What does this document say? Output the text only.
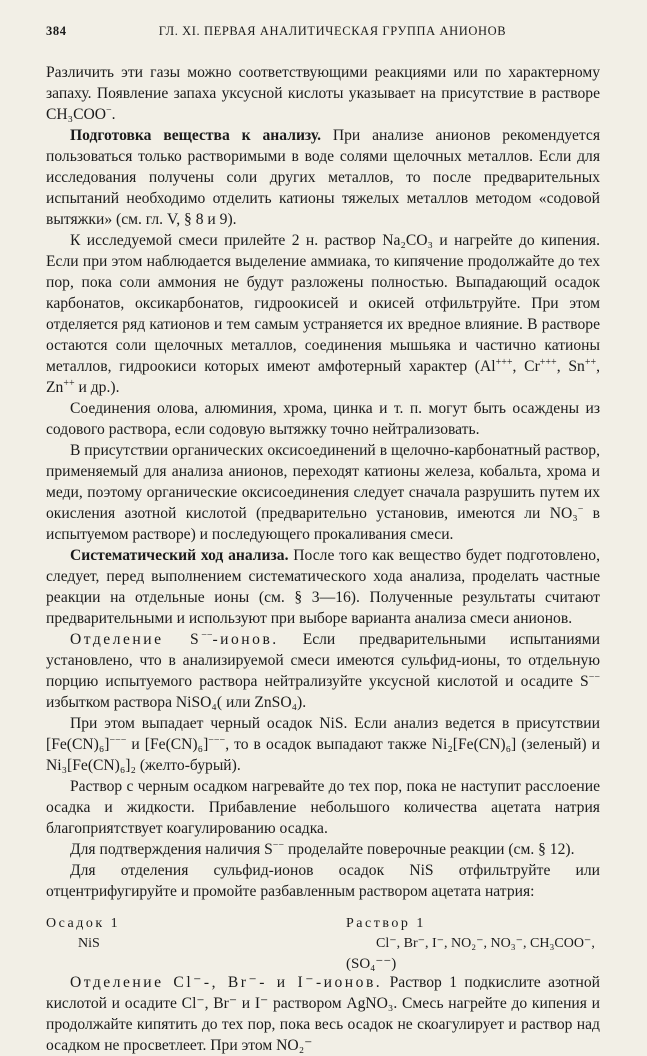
384	ГЛ. XI. ПЕРВАЯ АНАЛИТИЧЕСКАЯ ГРУППА АНИОНОВ

Различить эти газы можно соответствующими реакциями или по характерному запаху. Появление запаха уксусной кислоты указывает на присутствие в растворе CH₃COO−.

Подготовка вещества к анализу. При анализе анионов рекомендуется пользоваться только растворимыми в воде солями щелочных металлов. Если для исследования получены соли других металлов, то после предварительных испытаний необходимо отделить катионы тяжелых металлов методом «содовой вытяжки» (см. гл. V, § 8 и 9).

К исследуемой смеси прилейте 2 н. раствор Na₂CO₃ и нагрейте до кипения. Если при этом наблюдается выделение аммиака, то кипячение продолжайте до тех пор, пока соли аммония не будут разложены полностью. Выпадающий осадок карбонатов, оксикарбонатов, гидроокисей и окисей отфильтруйте. При этом отделяется ряд катионов и тем самым устраняется их вредное влияние. В растворе остаются соли щелочных металлов, соединения мышьяка и частично катионы металлов, гидроокиси которых имеют амфотерный характер (Al+++, Cr+++, Sn++, Zn++ и др.).

Соединения олова, алюминия, хрома, цинка и т. п. могут быть осаждены из содового раствора, если содовую вытяжку точно нейтрализовать.

В присутствии органических оксисоединений в щелочно-карбонатный раствор, применяемый для анализа анионов, переходят катионы железа, кобальта, хрома и меди, поэтому органические оксисоединения следует сначала разрушить путем их окисления азотной кислотой (предварительно установив, имеются ли NO₃− в испытуемом растворе) и последующего прокаливания смеси.

Систематический ход анализа. После того как вещество будет подготовлено, следует, перед выполнением систематического хода анализа, проделать частные реакции на отдельные ионы (см. § 3—16). Полученные результаты считают предварительными и используют при выборе варианта анализа смеси анионов.

Отделение S−−-ионов. Если предварительными испытаниями установлено, что в анализируемой смеси имеются сульфид-ионы, то отдельную порцию испытуемого раствора нейтрализуйте уксусной кислотой и осадите S−− избытком раствора NiSO₄( или ZnSO₄).

При этом выпадает черный осадок NiS. Если анализ ведется в присутствии [Fe(CN)₆]−−− и [Fe(CN)₆]−−−, то в осадок выпадают также Ni₂[Fe(CN)₆] (зеленый) и Ni₃[Fe(CN)₆]₂ (желто-бурый).

Раствор с черным осадком нагревайте до тех пор, пока не наступит расслоение осадка и жидкости. Прибавление небольшого количества ацетата натрия благоприятствует коагулированию осадка.

Для подтверждения наличия S−− проделайте поверочные реакции (см. § 12).

Для отделения сульфид-ионов осадок NiS отфильтруйте или отцентрифугируйте и промойте разбавленным раствором ацетата натрия:

Осадок 1
NiS
Раствор 1
Cl⁻, Br⁻, I⁻, NO₂⁻, NO₃⁻, CH₃COO⁻,
(SO₄⁻⁻)

Отделение Cl⁻-, Br⁻- и I⁻-ионов. Раствор 1 подкислите азотной кислотой и осадите Cl⁻, Br⁻ и I⁻ раствором AgNO₃. Смесь нагрейте до кипения и продолжайте кипятить до тех пор, пока весь осадок не скоагулирует и раствор над осадком не просветлеет. При этом NO₂⁻
